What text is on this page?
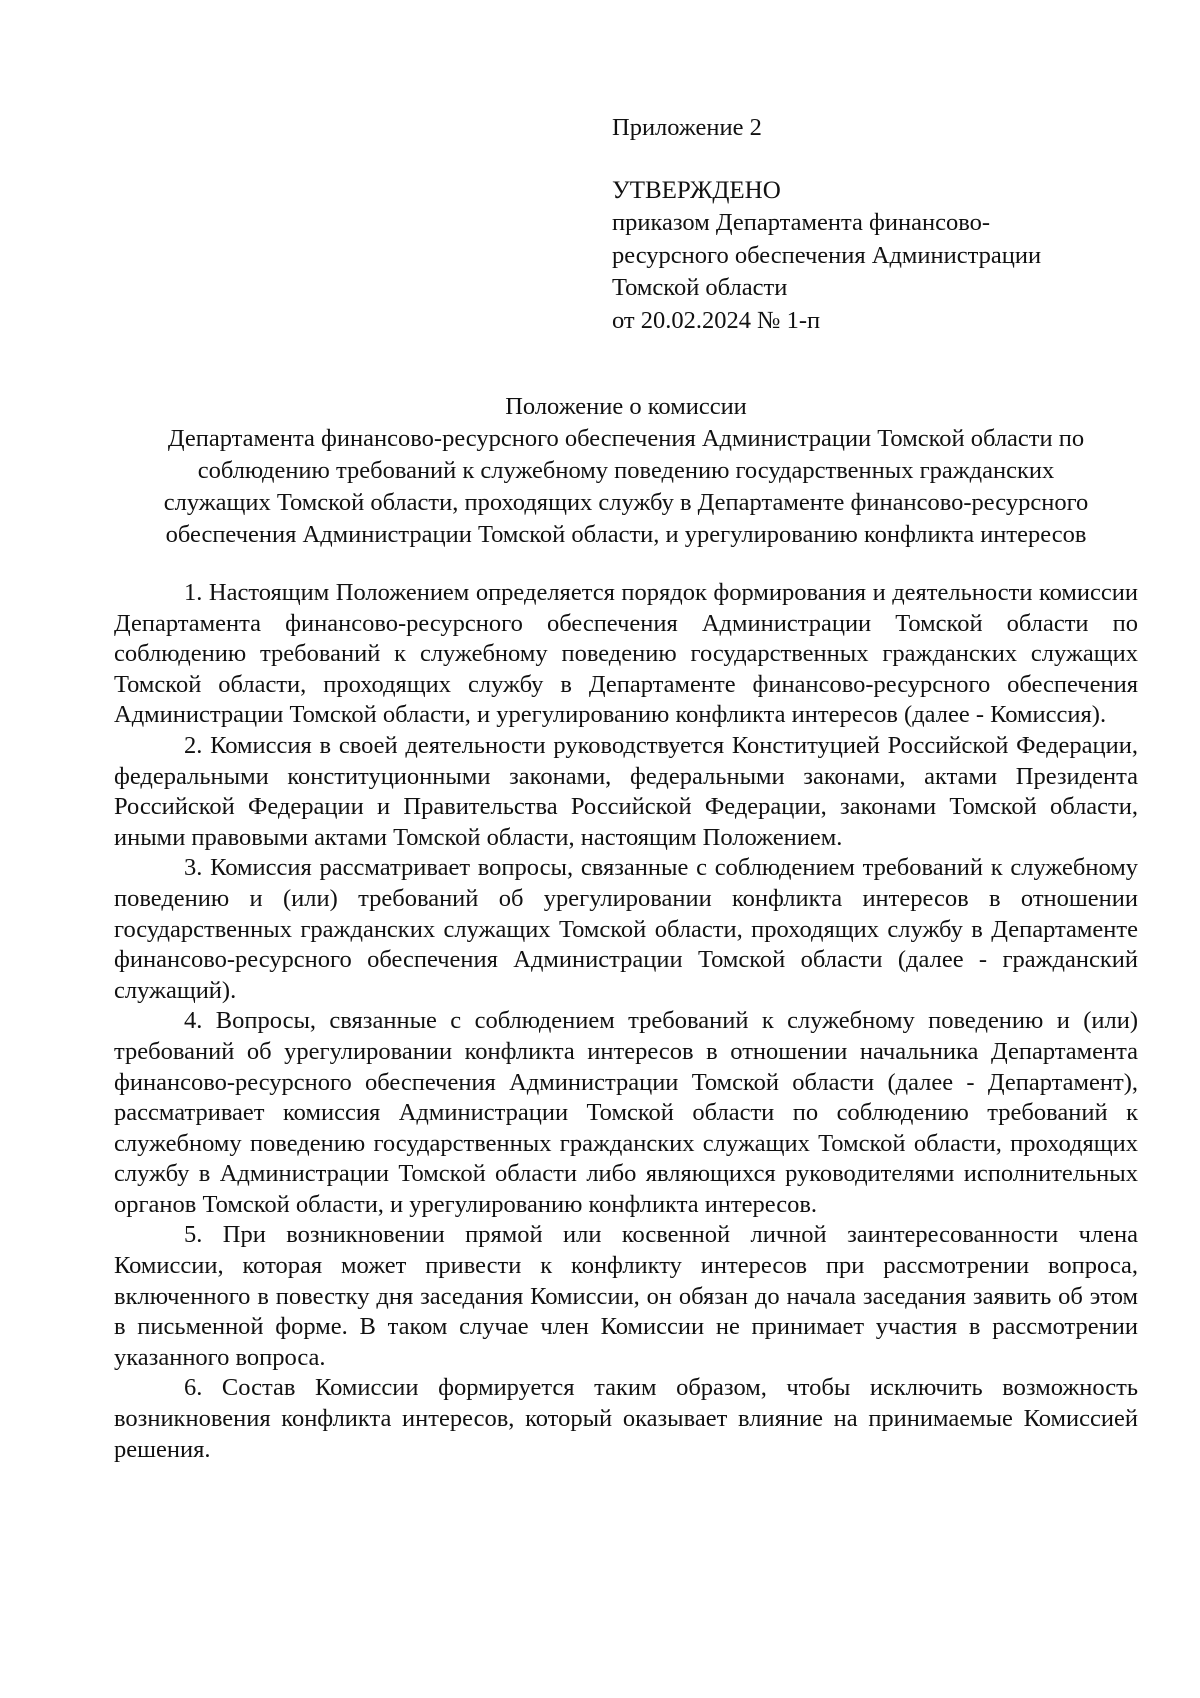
Приложение 2

УТВЕРЖДЕНО

приказом Департамента финансово-

ресурсного обеспечения Администрации

Томской области

от 20.02.2024 № 1-п

Положение о комиссии

Департамента финансово-ресурсного обеспечения Администрации Томской области по

соблюдению требований к служебному поведению государственных гражданских

служащих Томской области, проходящих службу в Департаменте финансово-ресурсного

обеспечения Администрации Томской области, и урегулированию конфликта интересов

1. Настоящим Положением определяется порядок формирования и деятельности комиссии Департамента финансово-ресурсного обеспечения Администрации Томской области по соблюдению требований к служебному поведению государственных гражданских служащих Томской области, проходящих службу в Департаменте финансово-ресурсного обеспечения Администрации Томской области, и урегулированию конфликта интересов (далее - Комиссия).

2. Комиссия в своей деятельности руководствуется Конституцией Российской Федерации, федеральными конституционными законами, федеральными законами, актами Президента Российской Федерации и Правительства Российской Федерации, законами Томской области, иными правовыми актами Томской области, настоящим Положением.

3. Комиссия рассматривает вопросы, связанные с соблюдением требований к служебному поведению и (или) требований об урегулировании конфликта интересов в отношении государственных гражданских служащих Томской области, проходящих службу в Департаменте финансово-ресурсного обеспечения Администрации Томской области (далее - гражданский служащий).

4. Вопросы, связанные с соблюдением требований к служебному поведению и (или) требований об урегулировании конфликта интересов в отношении начальника Департамента финансово-ресурсного обеспечения Администрации Томской области (далее - Департамент), рассматривает комиссия Администрации Томской области по соблюдению требований к служебному поведению государственных гражданских служащих Томской области, проходящих службу в Администрации Томской области либо являющихся руководителями исполнительных органов Томской области, и урегулированию конфликта интересов.

5. При возникновении прямой или косвенной личной заинтересованности члена Комиссии, которая может привести к конфликту интересов при рассмотрении вопроса, включенного в повестку дня заседания Комиссии, он обязан до начала заседания заявить об этом в письменной форме. В таком случае член Комиссии не принимает участия в рассмотрении указанного вопроса.

6. Состав Комиссии формируется таким образом, чтобы исключить возможность возникновения конфликта интересов, который оказывает влияние на принимаемые Комиссией решения.
